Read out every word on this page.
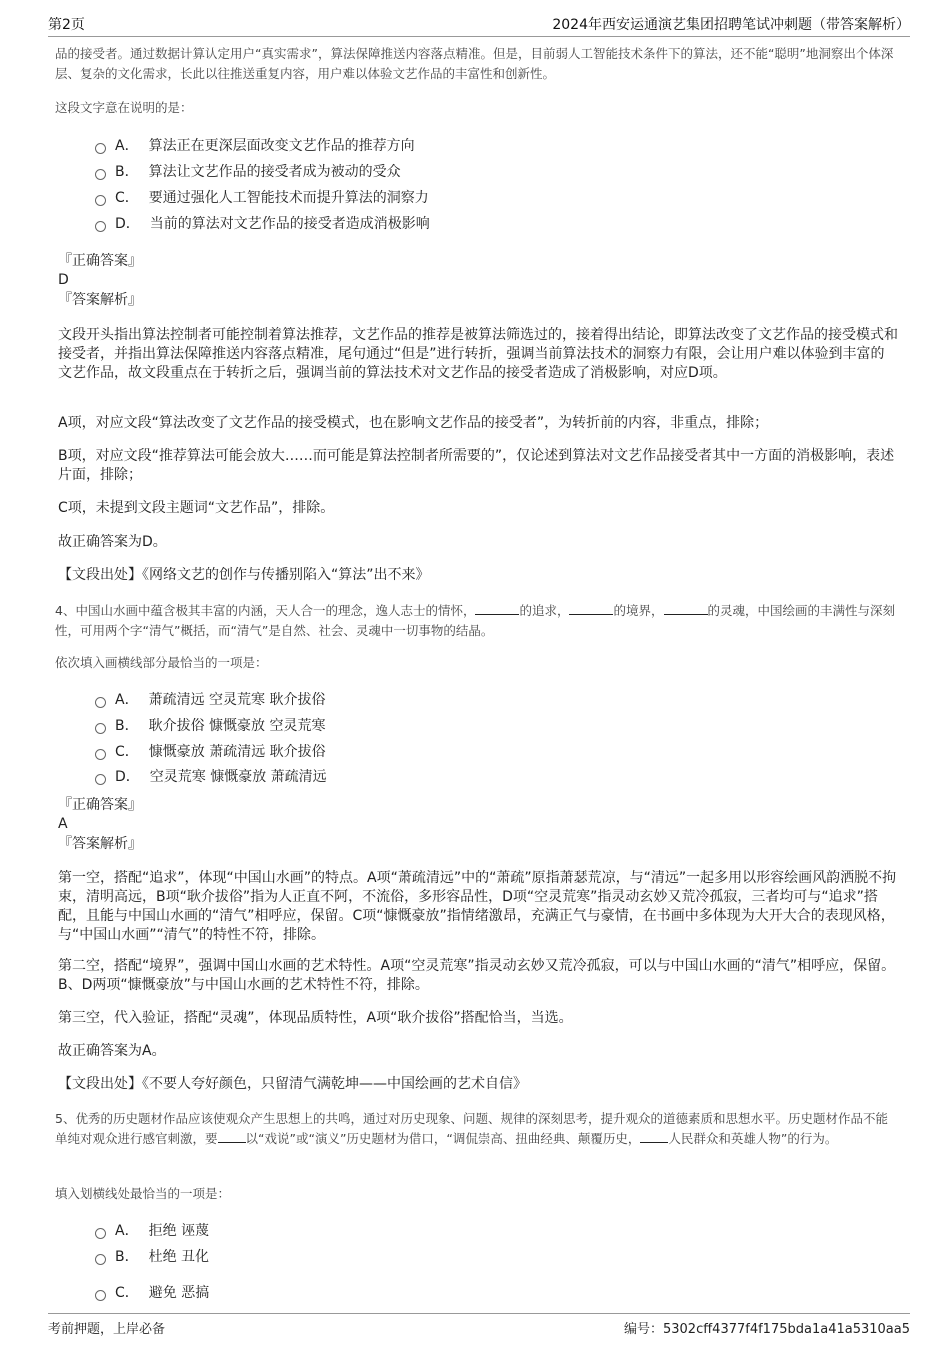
第2页	2024年西安运通演艺集团招聘笔试冲刺题（带答案解析）
品的接受者。通过数据计算认定用户“真实需求”，算法保障推送内容落点精准。但是，目前弱人工智能技术条件下的算法，还不能“聪明”地洞察出个体深层、复杂的文化需求，长此以往推送重复内容，用户难以体验文艺作品的丰富性和创新性。
这段文字意在说明的是：
A． 算法正在更深层面改变文艺作品的推荐方向
B． 算法让文艺作品的接受者成为被动的受众
C． 要通过强化人工智能技术而提升算法的洞察力
D． 当前的算法对文艺作品的接受者造成消极影响
『正确答案』
D
『答案解析』
文段开头指出算法控制者可能控制着算法推荐，文艺作品的推荐是被算法筛选过的，接着得出结论，即算法改变了文艺作品的接受模式和接受者，并指出算法保障推送内容落点精准，尾句通过“但是”进行转折，强调当前算法技术的洞察力有限，会让用户难以体验到丰富的文艺作品，故文段重点在于转折之后，强调当前的算法技术对文艺作品的接受者造成了消极影响，对应D项。
A项，对应文段“算法改变了文艺作品的接受模式，也在影响文艺作品的接受者”，为转折前的内容，非重点，排除；
B项，对应文段“推荐算法可能会放大……而可能是算法控制者所需要的”，仅论述到算法对文艺作品接受者其中一方面的消极影响，表述片面，排除；
C项，未提到文段主题词“文艺作品”，排除。
故正确答案为D。
【文段出处】《网络文艺的创作与传播别陷入“算法”出不来》
4、中国山水画中蕴含极其丰富的内涵，天人合一的理念，逸人志士的情怀，	的追求，	的境界，	的灵魂，中国绘画的丰满性与深刻性，可用两个字“清气”概括，而“清气”是自然、社会、灵魂中一切事物的结晶。
依次填入画横线部分最恰当的一项是：
A． 萧疏清远 空灵荒寒 耿介拔俗
B． 耿介拔俗 慷慨豪放 空灵荒寒
C． 慷慨豪放 萧疏清远 耿介拔俗
D． 空灵荒寒 慷慨豪放 萧疏清远
『正确答案』
A
『答案解析』
第一空，搭配“追求”，体现“中国山水画”的特点。A项“萧疏清远”中的“萧疏”原指萧瑟荒凉，与“清远”一起多用以形容绘画风韵洒脱不拘束，清明高远，B项“耿介拔俗”指为人正直不阿，不流俗，多形容品性，D项“空灵荒寒”指灵动玄妙又荒冷孤寂，三者均可与“追求”搭配，且能与中国山水画的“清气”相呼应，保留。C项“慷慨豪放”指情绪激昂，充满正气与豪情，在书画中多体现为大开大合的表现风格，与“中国山水画”“清气”的特性不符，排除。
第二空，搭配“境界”，强调中国山水画的艺术特性。A项“空灵荒寒”指灵动玄妙又荒冷孤寂，可以与中国山水画的“清气”相呼应，保留。B、D两项“慷慨豪放”与中国山水画的艺术特性不符，排除。
第三空，代入验证，搭配“灵魂”，体现品质特性，A项“耿介拔俗”搭配恰当，当选。
故正确答案为A。
【文段出处】《不要人夸好颜色，只留清气满乾坤——中国绘画的艺术自信》
5、优秀的历史题材作品应该使观众产生思想上的共鸣，通过对历史现象、问题、规律的深刻思考，提升观众的道德素质和思想水平。历史题材作品不能单纯对观众进行感官刺激，要 以“戏说”或“演义”历史题材为借口，“调侃崇高、扭曲经典、颠覆历史， 人民群众和英雄人物”的行为。
填入划横线处最恰当的一项是：
A． 拒绝 诬蔑
B． 杜绝 丑化
C． 避免 恶搞
考前押题，上岸必备	编号：5302cff4377f4f175bda1a41a5310aa5
